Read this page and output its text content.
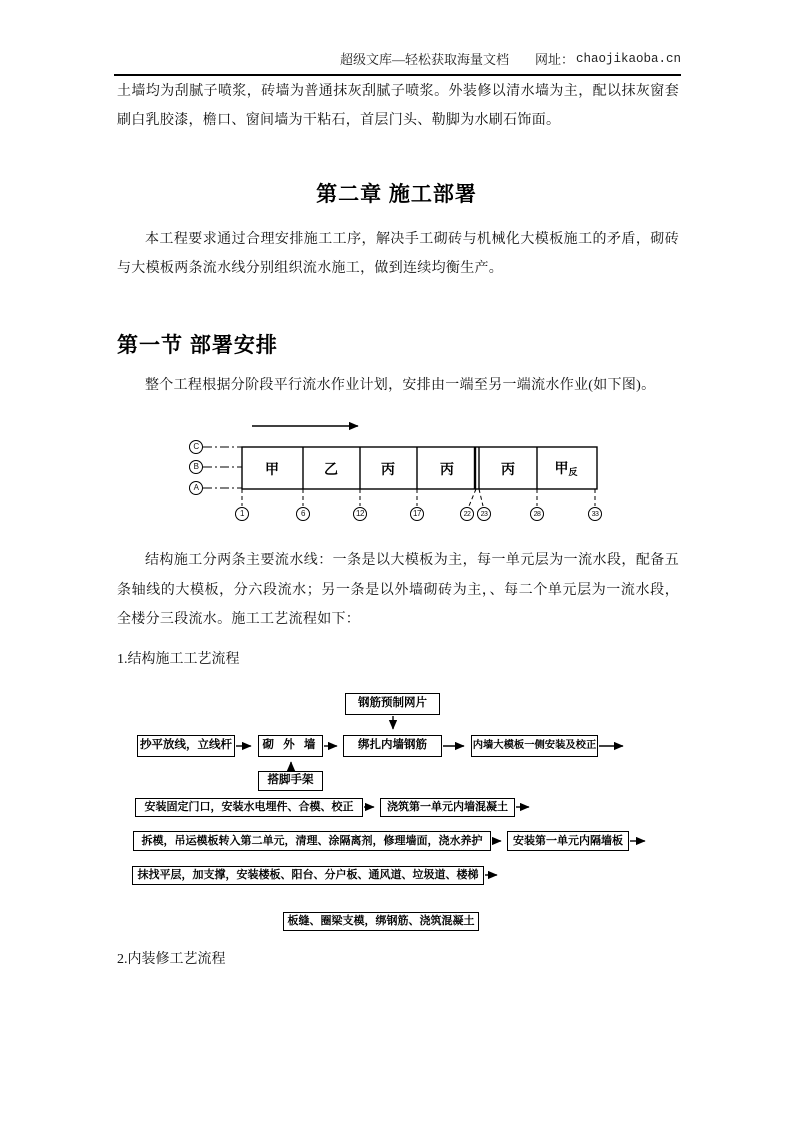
超级文库—轻松获取海量文档 网址： chaojikaoba.cn
土墙均为刮腻子喷浆，砖墙为普通抹灰刮腻子喷浆。外装修以清水墙为主，配以抹灰窗套刷白乳胶漆，檐口、窗间墙为干粘石，首层门头、勒脚为水刷石饰面。
第二章 施工部署
本工程要求通过合理安排施工工序，解决手工砌砖与机械化大模板施工的矛盾，砌砖与大模板两条流水线分别组织流水施工，做到连续均衡生产。
第一节 部署安排
整个工程根据分阶段平行流水作业计划，安排由一端至另一端流水作业(如下图)。
结构施工分两条主要流水线：一条是以大模板为主，每一单元层为一流水段，配备五条轴线的大模板，分六段流水；另一条是以外墙砌砖为主，、每二个单元层为一流水段，全楼分三段流水。施工工艺流程如下：
1.结构施工工艺流程
2.内装修工艺流程
C
B
A
甲	乙	丙	丙	丙	甲$_反$
1	6	12	17	22	23	28	33
钢筋预制网片
抄平放线，立线杆	砌 外 墙	绑扎内墙钢筋	内墙大模板一侧安装及校正
搭脚手架
安装固定门口，安装水电埋件、合模、校正	浇筑第一单元内墙混凝土
拆模，吊运模板转入第二单元，清理、涂隔离剂，修理墙面，浇水养护	安装第一单元内隔墙板
抹找平层，加支撑，安装楼板、阳台、分户板、通风道、垃圾道、楼梯
板缝、圈梁支模，绑钢筋、浇筑混凝土
